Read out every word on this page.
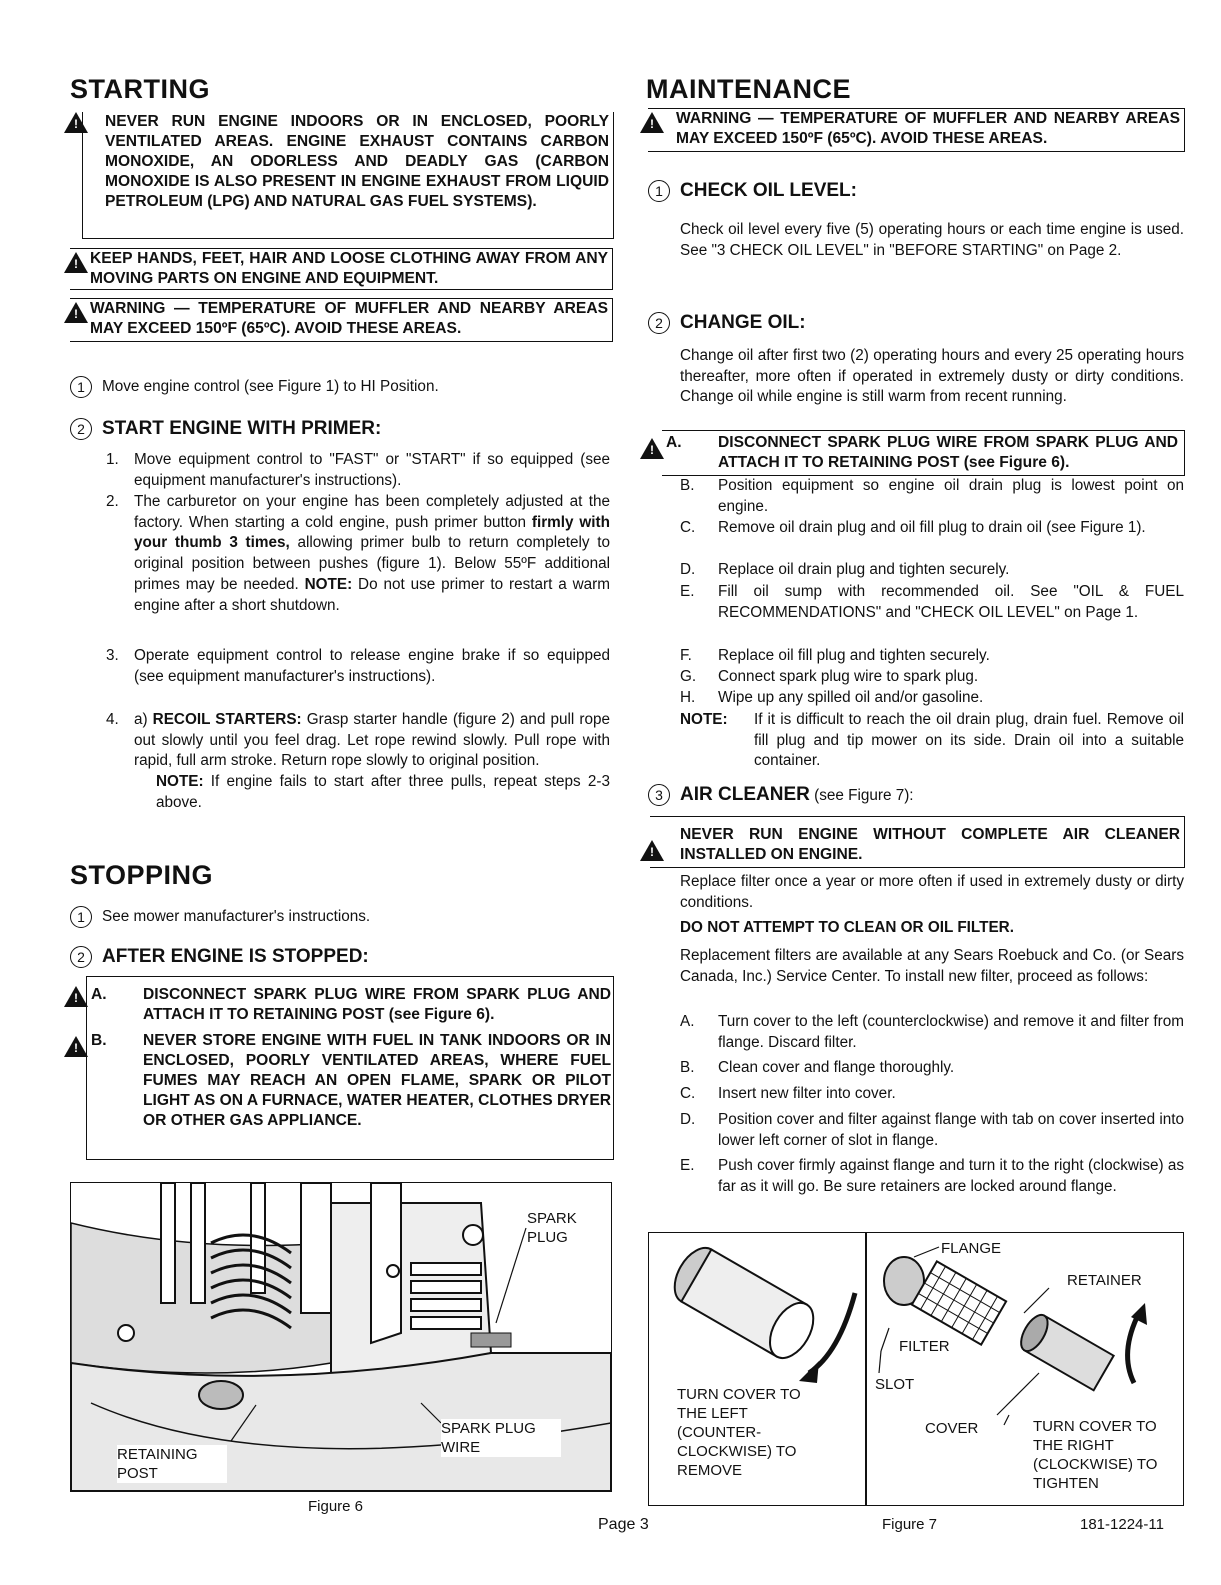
STARTING
!
NEVER RUN ENGINE INDOORS OR IN ENCLOSED, POORLY VENTILATED AREAS. ENGINE EXHAUST CONTAINS CARBON MONOXIDE, AN ODORLESS AND DEADLY GAS (CARBON MONOXIDE IS ALSO PRESENT IN ENGINE EXHAUST FROM LIQUID PETROLEUM (LPG) AND NATURAL GAS FUEL SYSTEMS).
!
KEEP HANDS, FEET, HAIR AND LOOSE CLOTHING AWAY FROM ANY MOVING PARTS ON ENGINE AND EQUIPMENT.
!
WARNING — TEMPERATURE OF MUFFLER AND NEARBY AREAS MAY EXCEED 150ºF (65ºC). AVOID THESE AREAS.
1 Move engine control (see Figure 1) to HI Position.
2 START ENGINE WITH PRIMER:
1. Move equipment control to "FAST" or "START" if so equipped (see equipment manufacturer's instructions).
2. The carburetor on your engine has been completely adjusted at the factory. When starting a cold engine, push primer button firmly with your thumb 3 times, allowing primer bulb to return completely to original position between pushes (figure 1). Below 55ºF additional primes may be needed. NOTE: Do not use primer to restart a warm engine after a short shutdown.
3. Operate equipment control to release engine brake if so equipped (see equipment manufacturer's instructions).
4. a) RECOIL STARTERS: Grasp starter handle (figure 2) and pull rope out slowly until you feel drag. Let rope rewind slowly. Pull rope with rapid, full arm stroke. Return rope slowly to original position.
NOTE: If engine fails to start after three pulls, repeat steps 2-3 above.
STOPPING
1 See mower manufacturer's instructions.
2 AFTER ENGINE IS STOPPED:
!
!
A. DISCONNECT SPARK PLUG WIRE FROM SPARK PLUG AND ATTACH IT TO RETAINING POST (see Figure 6).
B. NEVER STORE ENGINE WITH FUEL IN TANK INDOORS OR IN ENCLOSED, POORLY VENTILATED AREAS, WHERE FUEL FUMES MAY REACH AN OPEN FLAME, SPARK OR PILOT LIGHT AS ON A FURNACE, WATER HEATER, CLOTHES DRYER OR OTHER GAS APPLIANCE.
SPARK PLUG
SPARK PLUG WIRE
RETAINING POST
Figure 6
MAINTENANCE
!
WARNING — TEMPERATURE OF MUFFLER AND NEARBY AREAS MAY EXCEED 150ºF (65ºC). AVOID THESE AREAS.
1 CHECK OIL LEVEL:
Check oil level every five (5) operating hours or each time engine is used. See "3 CHECK OIL LEVEL" in "BEFORE STARTING" on Page 2.
2 CHANGE OIL:
Change oil after first two (2) operating hours and every 25 operating hours thereafter, more often if operated in extremely dusty or dirty conditions. Change oil while engine is still warm from recent running.
!
A. DISCONNECT SPARK PLUG WIRE FROM SPARK PLUG AND ATTACH IT TO RETAINING POST (see Figure 6).
B. Position equipment so engine oil drain plug is lowest point on engine.
C. Remove oil drain plug and oil fill plug to drain oil (see Figure 1).
D. Replace oil drain plug and tighten securely.
E. Fill oil sump with recommended oil. See "OIL & FUEL RECOMMENDATIONS" and "CHECK OIL LEVEL" on Page 1.
F. Replace oil fill plug and tighten securely.
G. Connect spark plug wire to spark plug.
H. Wipe up any spilled oil and/or gasoline.
NOTE: If it is difficult to reach the oil drain plug, drain fuel. Remove oil fill plug and tip mower on its side. Drain oil into a suitable container.
3 AIR CLEANER (see Figure 7):
!
NEVER RUN ENGINE WITHOUT COMPLETE AIR CLEANER INSTALLED ON ENGINE.
Replace filter once a year or more often if used in extremely dusty or dirty conditions.
DO NOT ATTEMPT TO CLEAN OR OIL FILTER.
Replacement filters are available at any Sears Roebuck and Co. (or Sears Canada, Inc.) Service Center. To install new filter, proceed as follows:
A. Turn cover to the left (counterclockwise) and remove it and filter from flange. Discard filter.
B. Clean cover and flange thoroughly.
C. Insert new filter into cover.
D. Position cover and filter against flange with tab on cover inserted into lower left corner of slot in flange.
E. Push cover firmly against flange and turn it to the right (clockwise) as far as it will go. Be sure retainers are locked around flange.
TURN COVER TO THE LEFT (COUNTER- CLOCKWISE) TO REMOVE
FLANGE
RETAINER
FILTER
SLOT
COVER	TURN COVER TO THE RIGHT (CLOCKWISE) TO TIGHTEN
Figure 7
Page 3	181-1224-11
